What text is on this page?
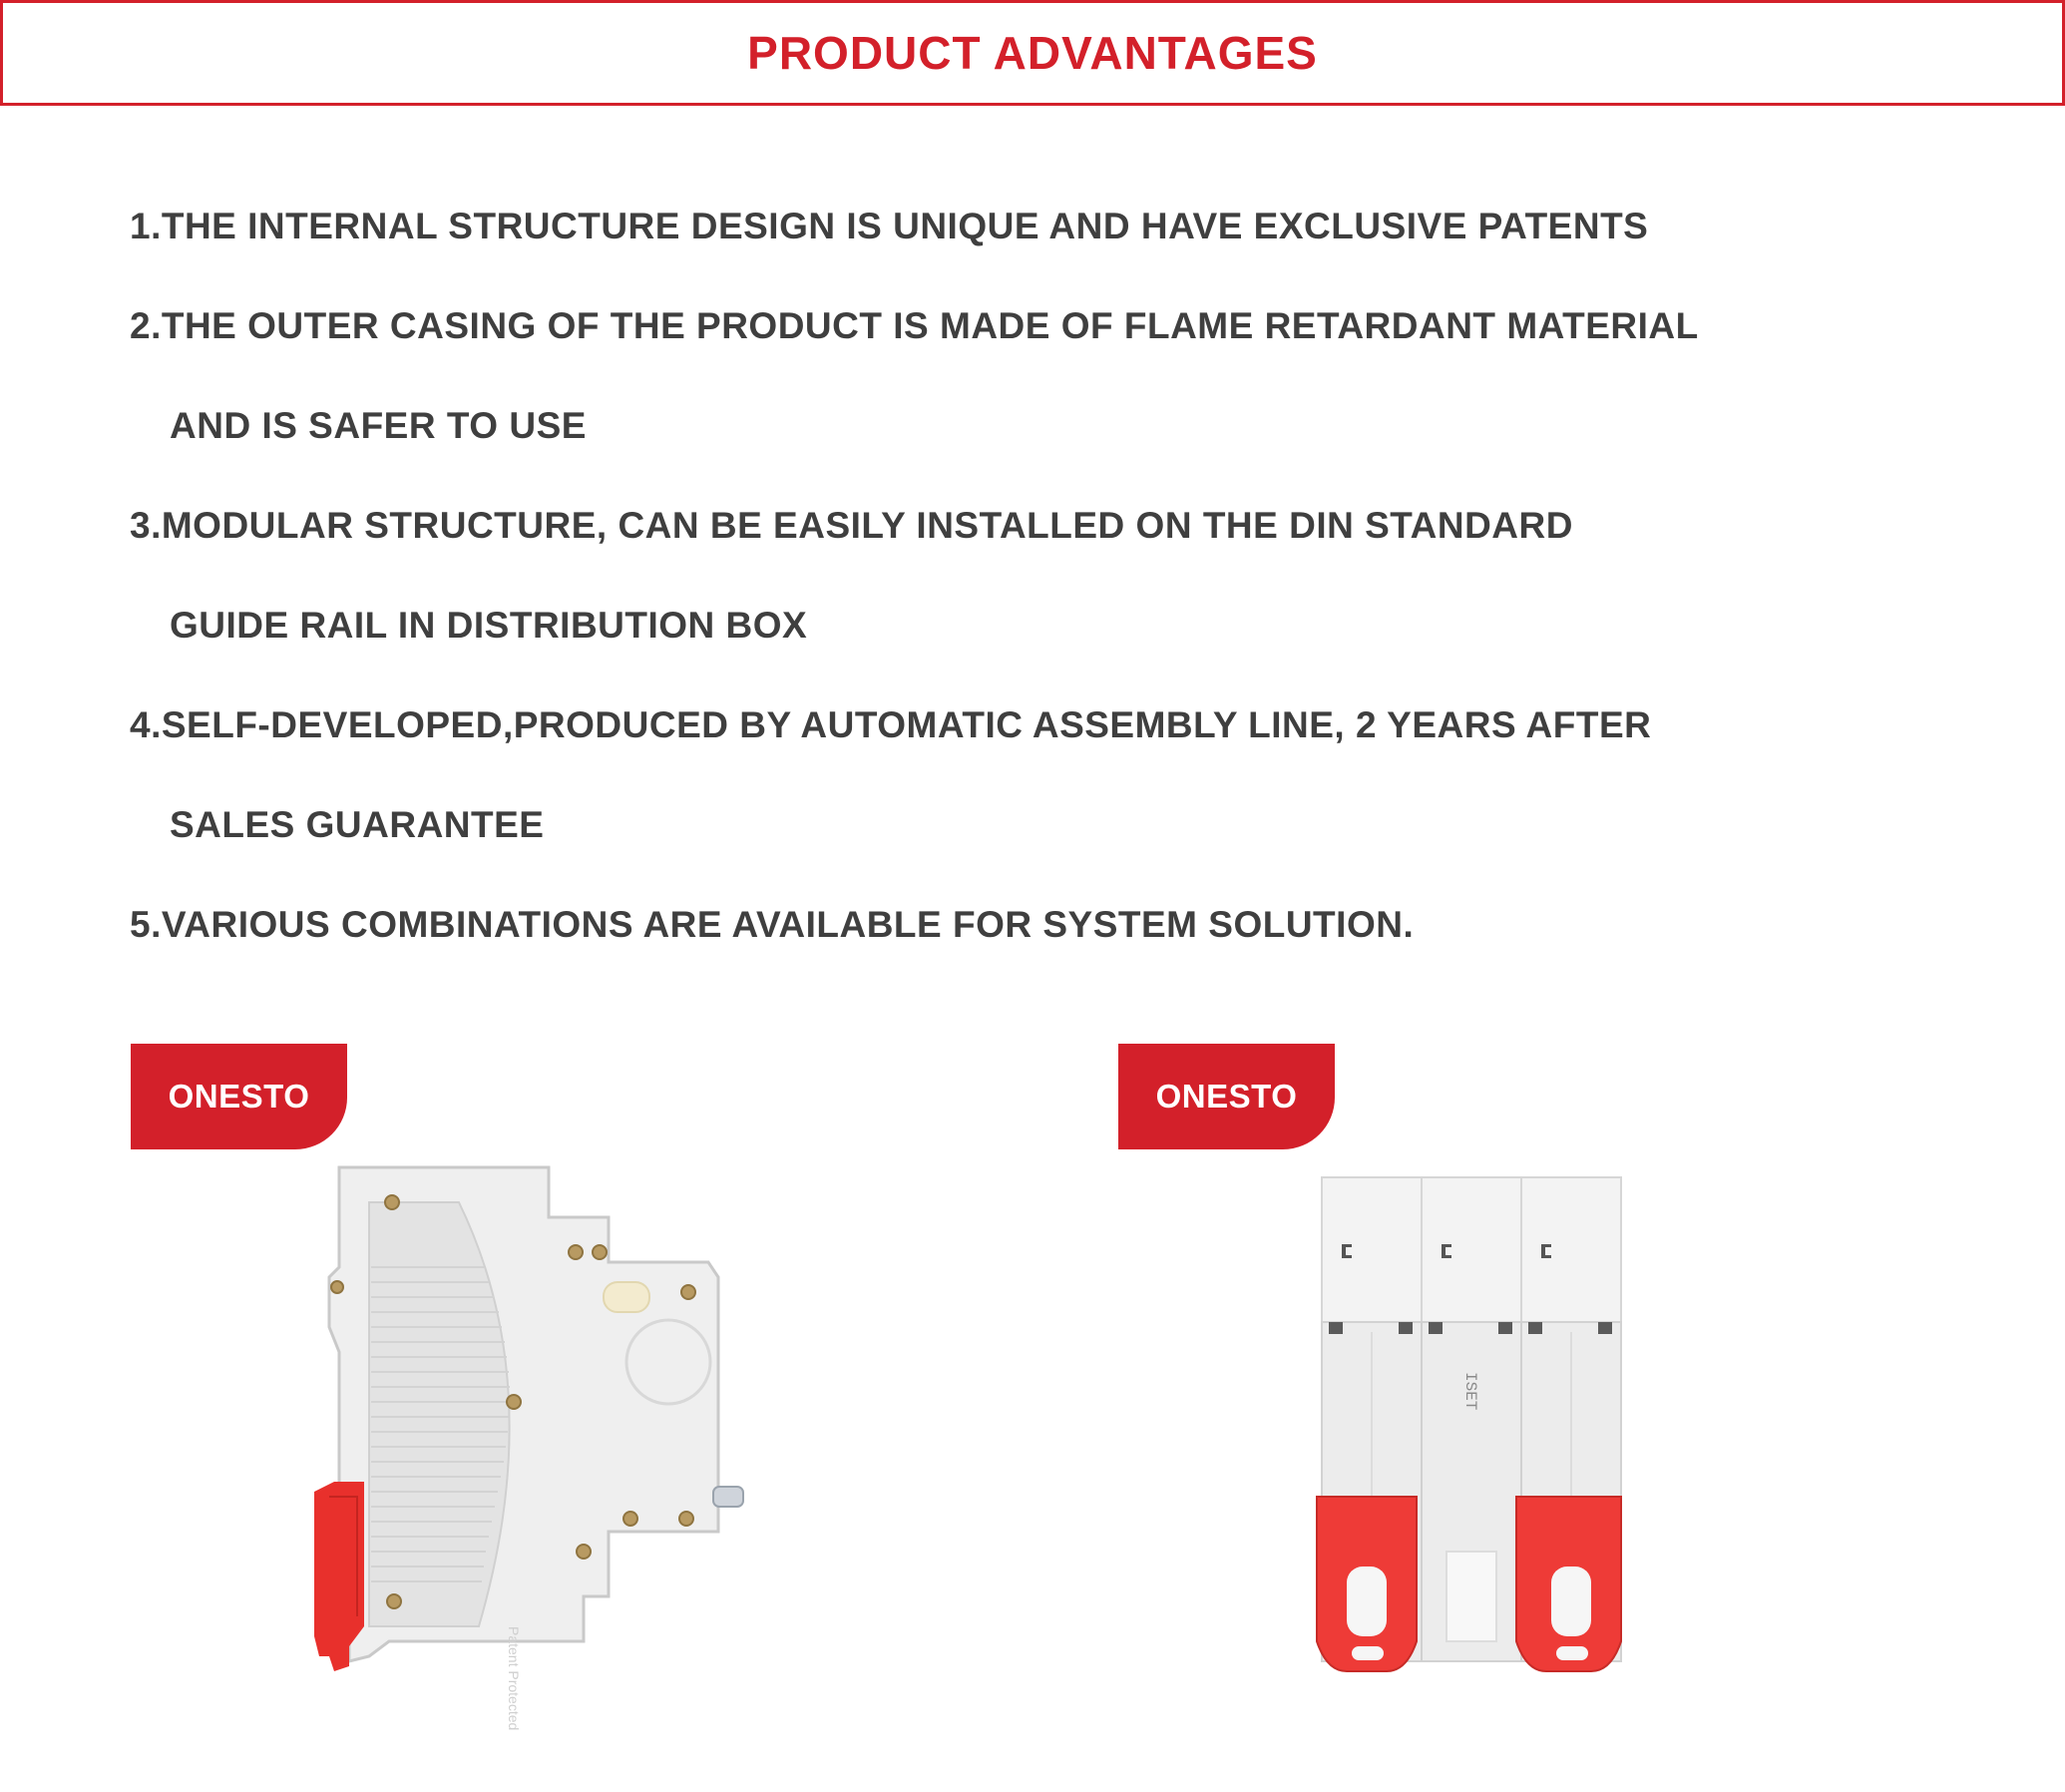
PRODUCT ADVANTAGES
1.THE INTERNAL STRUCTURE DESIGN IS UNIQUE AND HAVE EXCLUSIVE PATENTS
2.THE OUTER CASING OF THE PRODUCT IS MADE OF FLAME RETARDANT MATERIAL
AND IS SAFER TO USE
3.MODULAR STRUCTURE, CAN BE EASILY INSTALLED ON THE DIN STANDARD
GUIDE RAIL IN DISTRIBUTION BOX
4.SELF-DEVELOPED,PRODUCED BY AUTOMATIC ASSEMBLY LINE, 2 YEARS AFTER
SALES GUARANTEE
5.VARIOUS COMBINATIONS ARE AVAILABLE FOR SYSTEM SOLUTION.
ONESTO	ONESTO
Patent Protected
ISET
